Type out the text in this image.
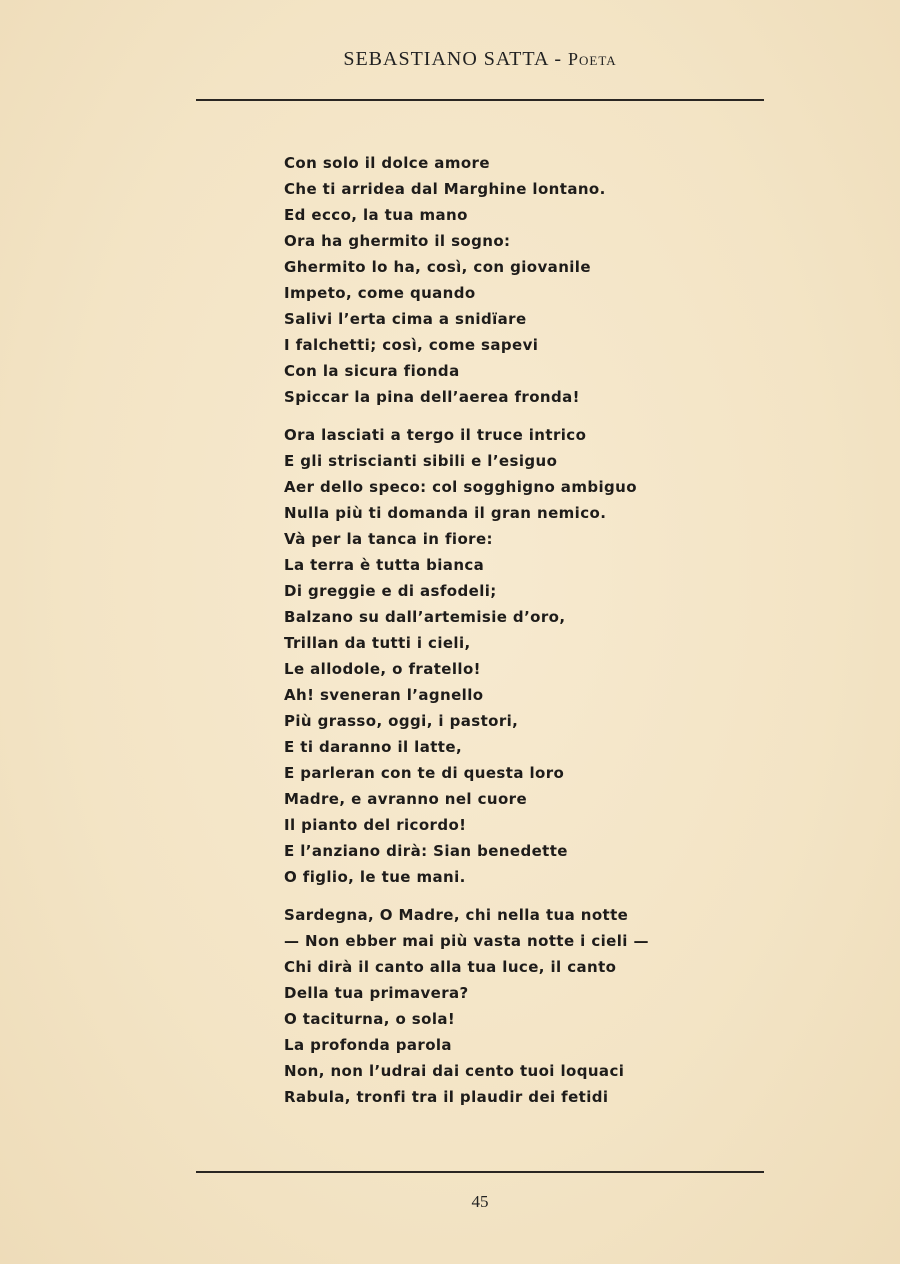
SEBASTIANO SATTA - Poeta
Con solo il dolce amore
Che ti arridea dal Marghine lontano.
Ed ecco, la tua mano
Ora ha ghermito il sogno:
Ghermito lo ha, così, con giovanile
Impeto, come quando
Salivi l’erta cima a snidïare
I falchetti; così, come sapevi
Con la sicura fionda
Spiccar la pina dell’aerea fronda!
Ora lasciati a tergo il truce intrico
E gli striscianti sibili e l’esiguo
Aer dello speco: col sogghigno ambiguo
Nulla più ti domanda il gran nemico.
Và per la tanca in fiore:
La terra è tutta bianca
Di greggie e di asfodeli;
Balzano su dall’artemisie d’oro,
Trillan da tutti i cieli,
Le allodole, o fratello!
Ah! sveneran l’agnello
Più grasso, oggi, i pastori,
E ti daranno il latte,
E parleran con te di questa loro
Madre, e avranno nel cuore
Il pianto del ricordo!
E l’anziano dirà: Sian benedette
O figlio, le tue mani.
Sardegna, O Madre, chi nella tua notte
— Non ebber mai più vasta notte i cieli —
Chi dirà il canto alla tua luce, il canto
Della tua primavera?
O taciturna, o sola!
La profonda parola
Non, non l’udrai dai cento tuoi loquaci
Rabula, tronfi tra il plaudir dei fetidi
45
